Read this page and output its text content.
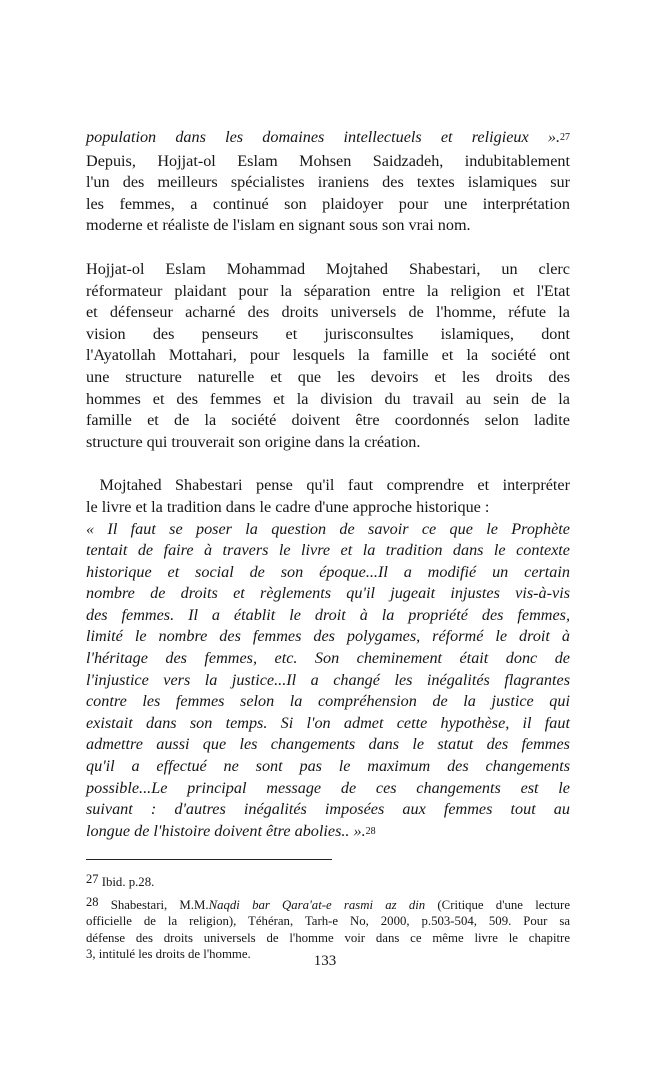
population dans les domaines intellectuels et religieux ».$^{27}$
Depuis, Hojjat-ol Eslam Mohsen Saidzadeh, indubitablement
l'un des meilleurs spécialistes iraniens des textes islamiques sur
les femmes, a continué son plaidoyer pour une interprétation
moderne et réaliste de l'islam en signant sous son vrai nom.
Hojjat-ol Eslam Mohammad Mojtahed Shabestari, un clerc
réformateur plaidant pour la séparation entre la religion et l'Etat
et défenseur acharné des droits universels de l'homme, réfute la
vision des penseurs et jurisconsultes islamiques, dont
l'Ayatollah Mottahari, pour lesquels la famille et la société ont
une structure naturelle et que les devoirs et les droits des
hommes et des femmes et la division du travail au sein de la
famille et de la société doivent être coordonnés selon ladite
structure qui trouverait son origine dans la création.
Mojtahed Shabestari pense qu'il faut comprendre et interpréter
le livre et la tradition dans le cadre d'une approche historique :
« Il faut se poser la question de savoir ce que le Prophète
tentait de faire à travers le livre et la tradition dans le contexte
historique et social de son époque...Il a modifié un certain
nombre de droits et règlements qu'il jugeait injustes vis-à-vis
des femmes. Il a établit le droit à la propriété des femmes,
limité le nombre des femmes des polygames, réformé le droit à
l'héritage des femmes, etc. Son cheminement était donc de
l'injustice vers la justice...Il a changé les inégalités flagrantes
contre les femmes selon la compréhension de la justice qui
existait dans son temps. Si l'on admet cette hypothèse, il faut
admettre aussi que les changements dans le statut des femmes
qu'il a effectué ne sont pas le maximum des changements
possible...Le principal message de ces changements est le
suivant : d'autres inégalités imposées aux femmes tout au
longue de l'histoire doivent être abolies.. ».$^{28}$
27 Ibid. p.28.
28 Shabestari, M.M.Naqdi bar Qara'at-e rasmi az din (Critique d'une lecture
officielle de la religion), Téhéran, Tarh-e No, 2000, p.503-504, 509. Pour sa
défense des droits universels de l'homme voir dans ce même livre le chapitre
3, intitulé les droits de l'homme.	133
